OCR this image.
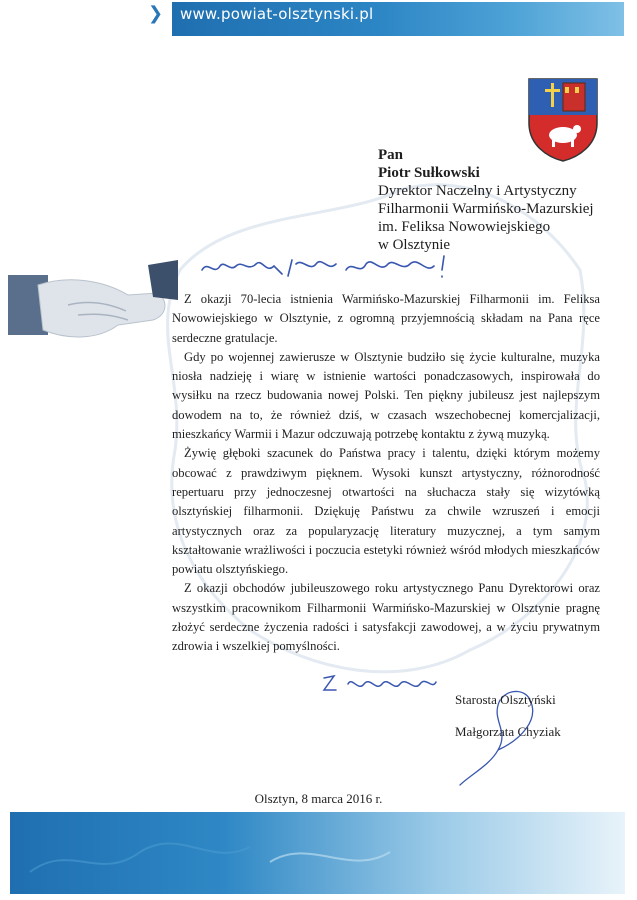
❯ www.powiat-olsztynski.pl
Pan
Piotr Sułkowski
Dyrektor Naczelny i Artystyczny
Filharmonii Warmińsko-Mazurskiej
im. Feliksa Nowowiejskiego
w Olsztynie

Z okazji 70-lecia istnienia Warmińsko-Mazurskiej Filharmonii im. Feliksa Nowowiejskiego w Olsztynie, z ogromną przyjemnością składam na Pana ręce serdeczne gratulacje.

Gdy po wojennej zawierusze w Olsztynie budziło się życie kulturalne, muzyka niosła nadzieję i wiarę w istnienie wartości ponadczasowych, inspirowała do wysiłku na rzecz budowania nowej Polski. Ten piękny jubileusz jest najlepszym dowodem na to, że również dziś, w czasach wszechobecnej komercjalizacji, mieszkańcy Warmii i Mazur odczuwają potrzebę kontaktu z żywą muzyką.

Żywię głęboki szacunek do Państwa pracy i talentu, dzięki którym możemy obcować z prawdziwym pięknem. Wysoki kunszt artystyczny, różnorodność repertuaru przy jednoczesnej otwartości na słuchacza stały się wizytówką olsztyńskiej filharmonii. Dziękuję Państwu za chwile wzruszeń i emocji artystycznych oraz za popularyzację literatury muzycznej, a tym samym kształtowanie wrażliwości i poczucia estetyki również wśród młodych mieszkańców powiatu olsztyńskiego.

Z okazji obchodów jubileuszowego roku artystycznego Panu Dyrektorowi oraz wszystkim pracownikom Filharmonii Warmińsko-Mazurskiej w Olsztynie pragnę złożyć serdeczne życzenia radości i satysfakcji zawodowej, a w życiu prywatnym zdrowia i wszelkiej pomyślności.

Starosta Olsztyński
Małgorzata Chyziak
Olsztyn, 8 marca 2016 r.
